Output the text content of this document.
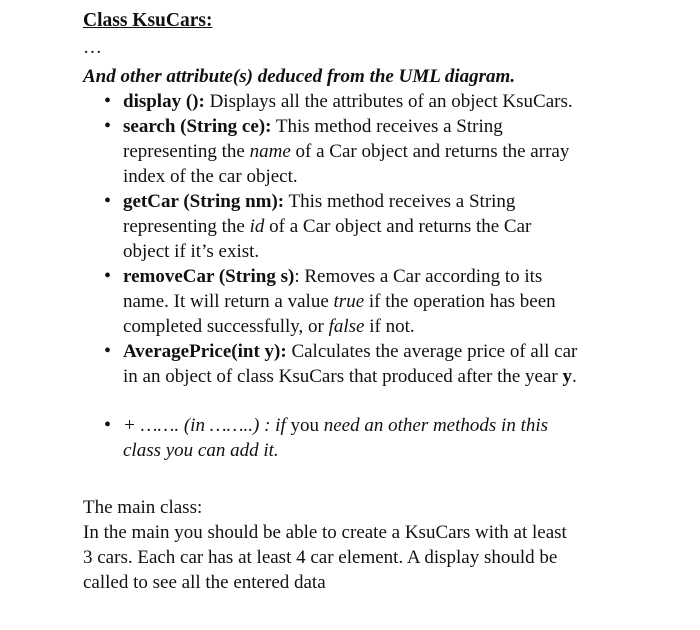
Class KsuCars:
…
And other attribute(s) deduced from the UML diagram.
• display (): Displays all the attributes of an object KsuCars.
• search (String ce): This method receives a String
representing the name of a Car object and returns the array
index of the car object.
• getCar (String nm): This method receives a String
representing the id of a Car object and returns the Car
object if it’s exist.
• removeCar (String s): Removes a Car according to its
name. It will return a value true if the operation has been
completed successfully, or false if not.
• AveragePrice(int y): Calculates the average price of all car
in an object of class KsuCars that produced after the year y.
• + ……. (in ……..) : if you need an other methods in this
class you can add it.
The main class:
In the main you should be able to create a KsuCars with at least
3 cars. Each car has at least 4 car element. A display should be
called to see all the entered data
